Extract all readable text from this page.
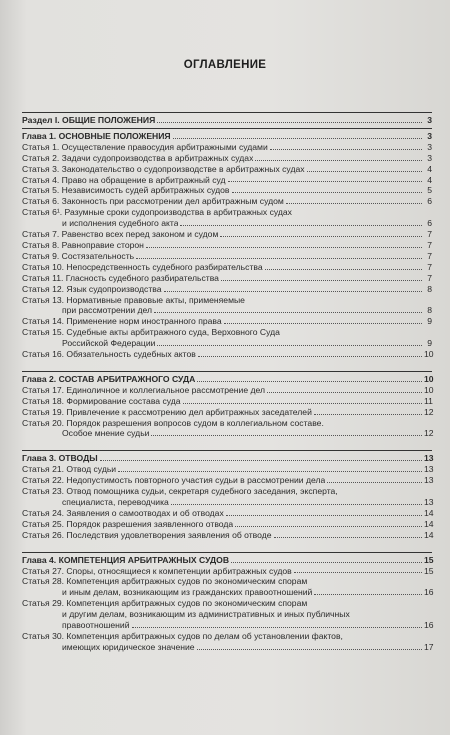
ОГЛАВЛЕНИЕ
Раздел I. ОБЩИЕ ПОЛОЖЕНИЯ	3
Глава 1. ОСНОВНЫЕ ПОЛОЖЕНИЯ	3
Статья 1. Осуществление правосудия арбитражными судами	3
Статья 2. Задачи судопроизводства в арбитражных судах	3
Статья 3. Законодательство о судопроизводстве в арбитражных судах	4
Статья 4. Право на обращение в арбитражный суд	4
Статья 5. Независимость судей арбитражных судов	5
Статья 6. Законность при рассмотрении дел арбитражным судом	6
Статья 6¹. Разумные сроки судопроизводства в арбитражных судах
и исполнения судебного акта	6
Статья 7. Равенство всех перед законом и судом	7
Статья 8. Равноправие сторон	7
Статья 9. Состязательность	7
Статья 10. Непосредственность судебного разбирательства	7
Статья 11. Гласность судебного разбирательства	7
Статья 12. Язык судопроизводства	8
Статья 13. Нормативные правовые акты, применяемые
при рассмотрении дел	8
Статья 14. Применение норм иностранного права	9
Статья 15. Судебные акты арбитражного суда, Верховного Суда
Российской Федерации	9
Статья 16. Обязательность судебных актов	10
Глава 2. СОСТАВ АРБИТРАЖНОГО СУДА	10
Статья 17. Единоличное и коллегиальное рассмотрение дел	10
Статья 18. Формирование состава суда	11
Статья 19. Привлечение к рассмотрению дел арбитражных заседателей	12
Статья 20. Порядок разрешения вопросов судом в коллегиальном составе.
Особое мнение судьи	12
Глава 3. ОТВОДЫ	13
Статья 21. Отвод судьи	13
Статья 22. Недопустимость повторного участия судьи в рассмотрении дела	13
Статья 23. Отвод помощника судьи, секретаря судебного заседания, эксперта,
специалиста, переводчика	13
Статья 24. Заявления о самоотводах и об отводах	14
Статья 25. Порядок разрешения заявленного отвода	14
Статья 26. Последствия удовлетворения заявления об отводе	14
Глава 4. КОМПЕТЕНЦИЯ АРБИТРАЖНЫХ СУДОВ	15
Статья 27. Споры, относящиеся к компетенции арбитражных судов	15
Статья 28. Компетенция арбитражных судов по экономическим спорам
и иным делам, возникающим из гражданских правоотношений	16
Статья 29. Компетенция арбитражных судов по экономическим спорам
и другим делам, возникающим из административных и иных публичных
правоотношений	16
Статья 30. Компетенция арбитражных судов по делам об установлении фактов,
имеющих юридическое значение	17
